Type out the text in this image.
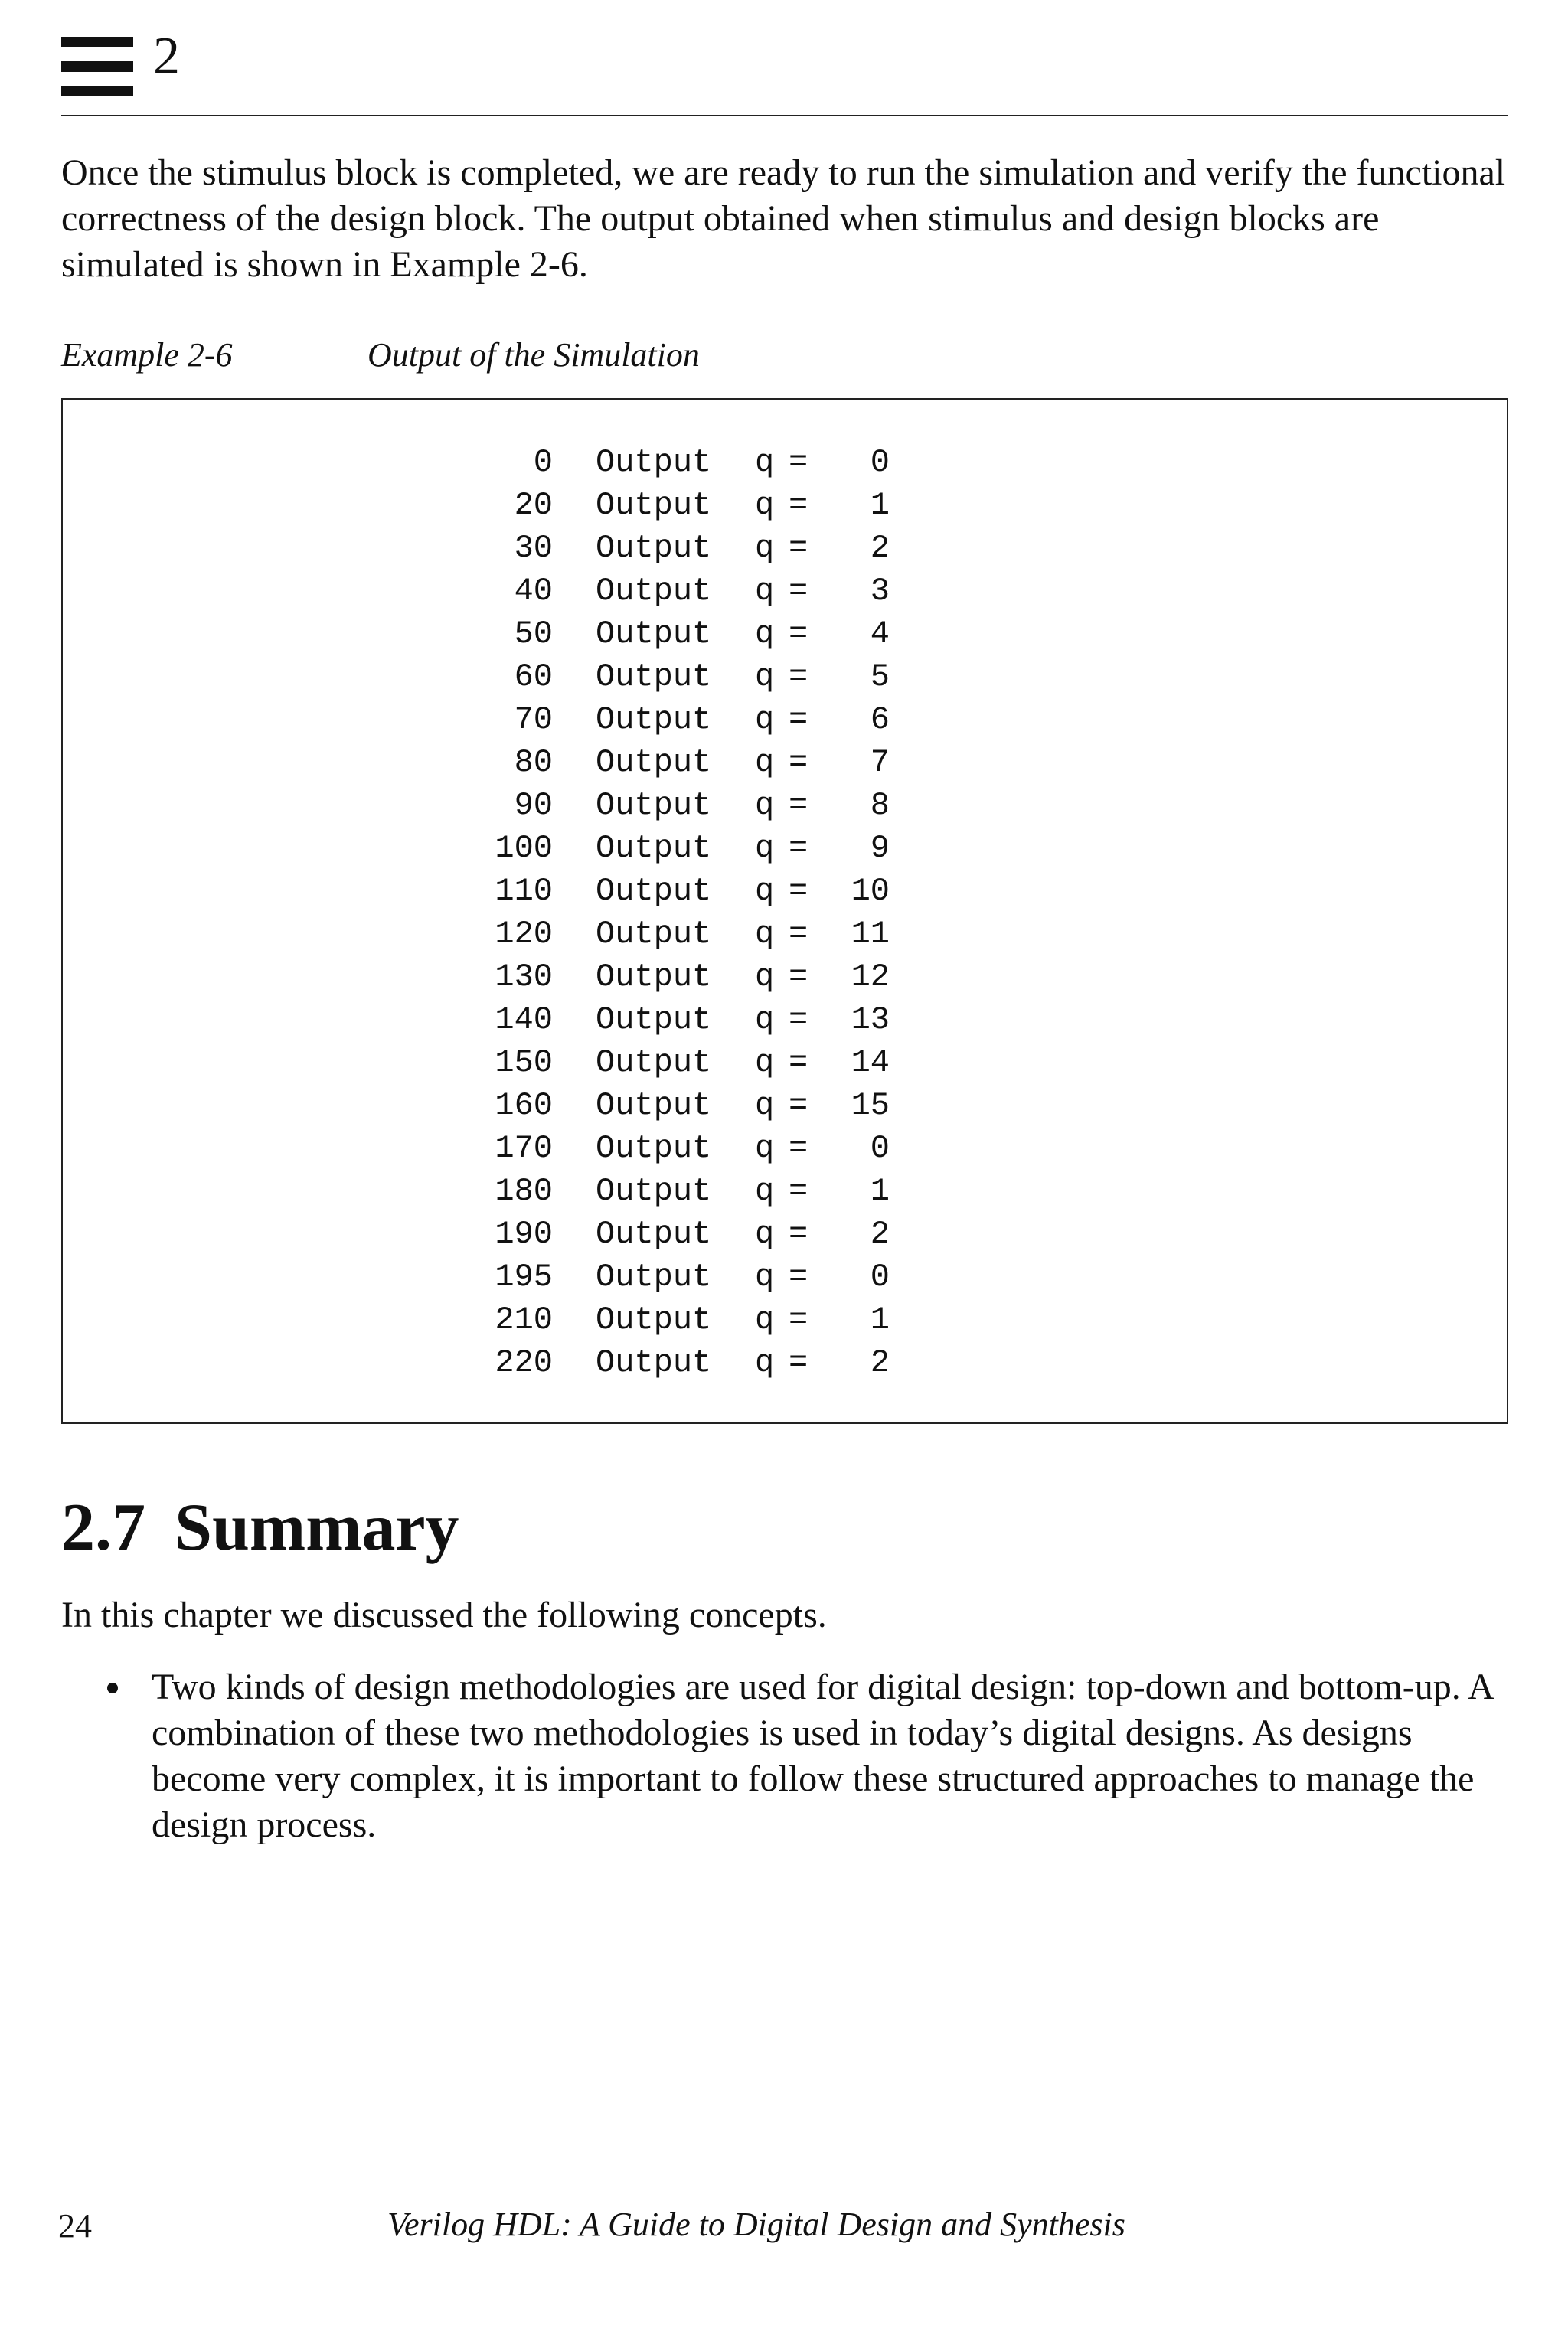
2

Once the stimulus block is completed, we are ready to run the simulation and verify the functional correctness of the design block. The output obtained when stimulus and design blocks are simulated is shown in Example 2-6.

Example 2-6	Output of the Simulation
0 Output q = 0
20 Output q = 1
30 Output q = 2
40 Output q = 3
50 Output q = 4
60 Output q = 5
70 Output q = 6
80 Output q = 7
90 Output q = 8
100 Output q = 9
110 Output q = 10
120 Output q = 11
130 Output q = 12
140 Output q = 13
150 Output q = 14
160 Output q = 15
170 Output q = 0
180 Output q = 1
190 Output q = 2
195 Output q = 0
210 Output q = 1
220 Output q = 2
2.7 Summary

In this chapter we discussed the following concepts.

Two kinds of design methodologies are used for digital design: top-down and bottom-up. A combination of these two methodologies is used in today’s digital designs. As designs become very complex, it is important to follow these structured approaches to manage the design process.

24	Verilog HDL: A Guide to Digital Design and Synthesis
